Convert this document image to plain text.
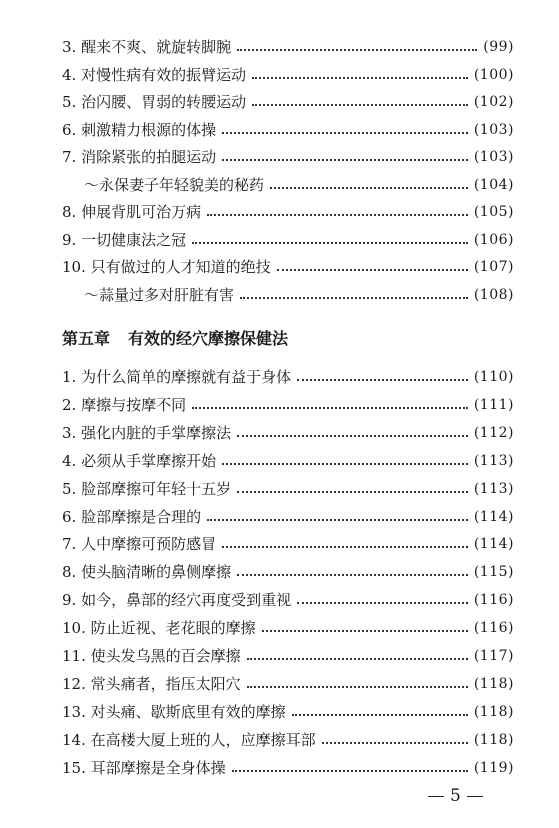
3. 醒来不爽、就旋转脚腕	(99)
4. 对慢性病有效的振臂运动	(100)
5. 治闪腰、胃弱的转腰运动	(102)
6. 刺激精力根源的体操	(103)
7. 消除紧张的拍腿运动	(103)
～永保妻子年轻貌美的秘药	(104)
8. 伸展背肌可治万病	(105)
9. 一切健康法之冠	(106)
10. 只有做过的人才知道的绝技	(107)
～蒜量过多对肝脏有害	(108)
第五章 有效的经穴摩擦保健法
1. 为什么简单的摩擦就有益于身体	(110)
2. 摩擦与按摩不同	(111)
3. 强化内脏的手掌摩擦法	(112)
4. 必须从手掌摩擦开始	(113)
5. 脸部摩擦可年轻十五岁	(113)
6. 脸部摩擦是合理的	(114)
7. 人中摩擦可预防感冒	(114)
8. 使头脑清晰的鼻侧摩擦	(115)
9. 如今，鼻部的经穴再度受到重视	(116)
10. 防止近视、老花眼的摩擦	(116)
11. 使头发乌黑的百会摩擦	(117)
12. 常头痛者，指压太阳穴	(118)
13. 对头痛、歇斯底里有效的摩擦	(118)
14. 在高楼大厦上班的人，应摩擦耳部	(118)
15. 耳部摩擦是全身体操	(119)
5
